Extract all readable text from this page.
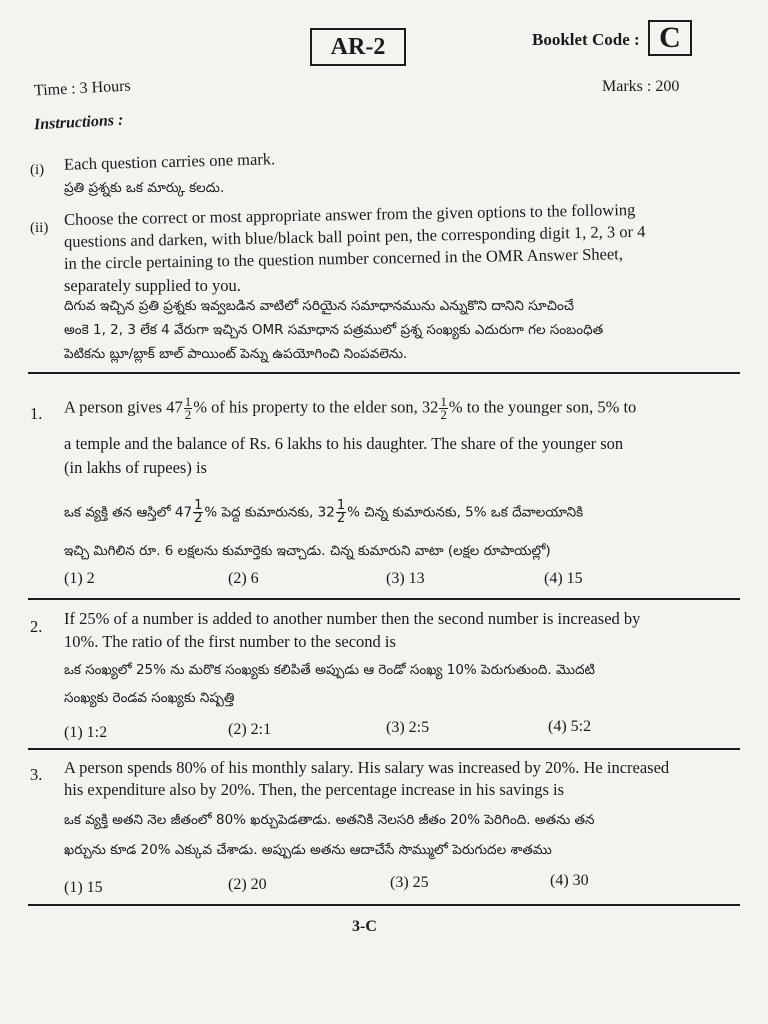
AR-2	Booklet Code : C
Time : 3 Hours	Marks : 200
Instructions :
(i) Each question carries one mark.
ప్రతి ప్రశ్నకు ఒక మార్కు కలదు.
(ii) Choose the correct or most appropriate answer from the given options to the following
questions and darken, with blue/black ball point pen, the corresponding digit 1, 2, 3 or 4
in the circle pertaining to the question number concerned in the OMR Answer Sheet,
separately supplied to you.
దిగువ ఇచ్చిన ప్రతి ప్రశ్నకు ఇవ్వబడిన వాటిలో సరియైన సమాధానమును ఎన్నుకొని దానిని సూచించే
అంకె 1, 2, 3 లేక 4 వేరుగా ఇచ్చిన OMR సమాధాన పత్రములో ప్రశ్న సంఖ్యకు ఎదురుగా గల సంబంధిత
పెటికను బ్లూ/బ్లాక్ బాల్ పాయింట్ పెన్ను ఉపయోగించి నింపవలెను.
1. A person gives $47 \frac{1}{2}$ % of his property to the elder son, $32 \frac{1}{2}$ % to the younger son, 5% to
a temple and the balance of Rs. 6 lakhs to his daughter. The share of the younger son
(in lakhs of rupees) is
ఒక వ్యక్తి తన ఆస్తిలో $47 \frac{1}{2}$ % పెద్ద కుమారునకు, $32 \frac{1}{2}$ % చిన్న కుమారునకు, 5% ఒక దేవాలయానికి
ఇచ్చి మిగిలిన రూ. 6 లక్షలను కుమార్తెకు ఇచ్చాడు. చిన్న కుమారుని వాటా (లక్షల రూపాయల్లో)
(1) 2	(2) 6	(3) 13	(4) 15
2. If 25% of a number is added to another number then the second number is increased by
10%. The ratio of the first number to the second is
ఒక సంఖ్యలో 25% ను మరొక సంఖ్యకు కలిపితే అప్పుడు ఆ రెండో సంఖ్య 10% పెరుగుతుంది. మొదటి
సంఖ్యకు రెండవ సంఖ్యకు నిష్పత్తి
(1) 1:2	(2) 2:1	(3) 2:5	(4) 5:2
3. A person spends 80% of his monthly salary. His salary was increased by 20%. He increased
his expenditure also by 20%. Then, the percentage increase in his savings is
ఒక వ్యక్తి అతని నెల జీతంలో 80% ఖర్చుపెడతాడు. అతనికి నెలసరి జీతం 20% పెరిగింది. అతను తన
ఖర్చును కూడ 20% ఎక్కువ చేశాడు. అప్పుడు అతను ఆదాచేసే సొమ్ములో పెరుగుదల శాతము
(1) 15	(2) 20	(3) 25	(4) 30
3-C
